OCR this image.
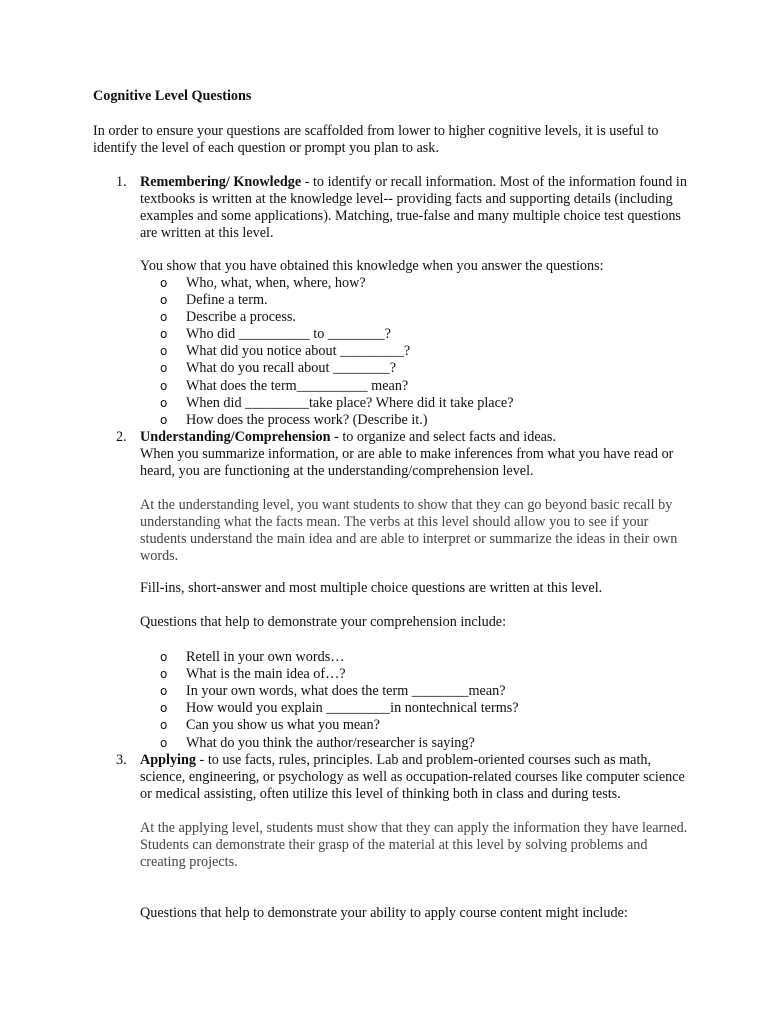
Cognitive Level Questions
In order to ensure your questions are scaffolded from lower to higher cognitive levels, it is useful to identify the level of each question or prompt you plan to ask.
1. Remembering/ Knowledge - to identify or recall information. Most of the information found in textbooks is written at the knowledge level-- providing facts and supporting details (including examples and some applications). Matching, true-false and many multiple choice test questions are written at this level.
You show that you have obtained this knowledge when you answer the questions:
o Who, what, when, where, how?
o Define a term.
o Describe a process.
o Who did __________ to ________?
o What did you notice about _________?
o What do you recall about ________?
o What does the term__________ mean?
o When did _________take place? Where did it take place?
o How does the process work? (Describe it.)
2. Understanding/Comprehension - to organize and select facts and ideas.
When you summarize information, or are able to make inferences from what you have read or heard, you are functioning at the understanding/comprehension level.
At the understanding level, you want students to show that they can go beyond basic recall by understanding what the facts mean. The verbs at this level should allow you to see if your students understand the main idea and are able to interpret or summarize the ideas in their own words.
Fill-ins, short-answer and most multiple choice questions are written at this level.
Questions that help to demonstrate your comprehension include:
o Retell in your own words…
o What is the main idea of…?
o In your own words, what does the term ________mean?
o How would you explain _________in nontechnical terms?
o Can you show us what you mean?
o What do you think the author/researcher is saying?
3. Applying - to use facts, rules, principles. Lab and problem-oriented courses such as math, science, engineering, or psychology as well as occupation-related courses like computer science or medical assisting, often utilize this level of thinking both in class and during tests.
At the applying level, students must show that they can apply the information they have learned. Students can demonstrate their grasp of the material at this level by solving problems and creating projects.
Questions that help to demonstrate your ability to apply course content might include:
